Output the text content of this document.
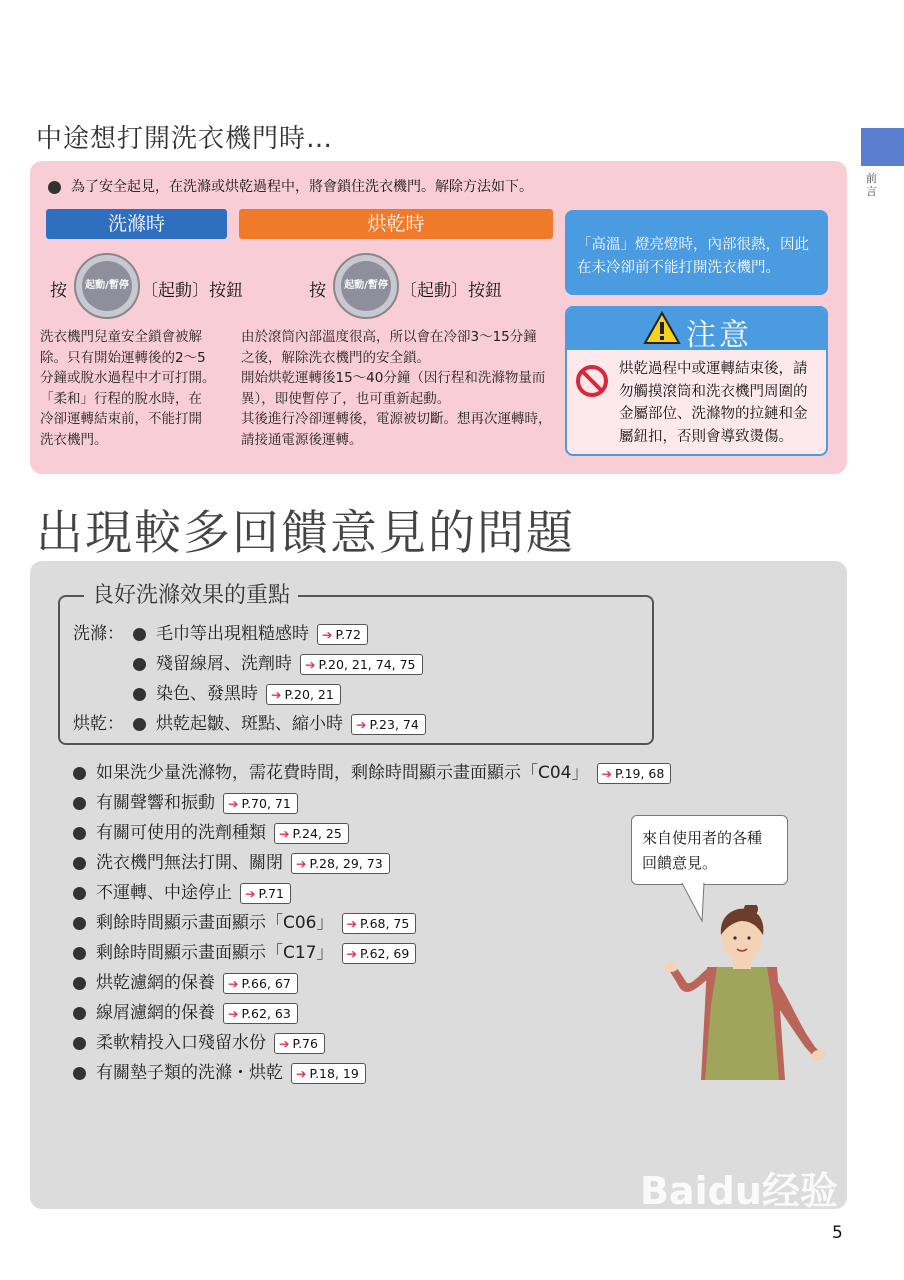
前言
中途想打開洗衣機門時…
為了安全起見，在洗滌或烘乾過程中，將會鎖住洗衣機門。解除方法如下。
洗滌時	烘乾時
按	起動/暫停 〔起動〕按鈕	按	起動/暫停 〔起動〕按鈕
洗衣機門兒童安全鎖會被解
除。只有開始運轉後的2～5
分鐘或脫水過程中才可打開。
「柔和」行程的脫水時，在
冷卻運轉結束前，不能打開
洗衣機門。
由於滾筒內部溫度很高，所以會在冷卻3～15分鐘
之後，解除洗衣機門的安全鎖。
開始烘乾運轉後15～40分鐘（因行程和洗滌物量而
異），即使暫停了，也可重新起動。
其後進行冷卻運轉後，電源被切斷。想再次運轉時，
請接通電源後運轉。
「高溫」燈亮燈時，內部很熱，因此
在未冷卻前不能打開洗衣機門。
注意
烘乾過程中或運轉結束後，請
勿觸摸滾筒和洗衣機門周圍的
金屬部位、洗滌物的拉鏈和金
屬鈕扣，否則會導致燙傷。
出現較多回饋意見的問題
良好洗滌效果的重點
洗滌：
烘乾：
毛巾等出現粗糙感時 ➔ P.72
殘留線屑、洗劑時 ➔ P.20, 21, 74, 75
染色、發黑時 ➔ P.20, 21
烘乾起皺、斑點、縮小時 ➔ P.23, 74
如果洗少量洗滌物，需花費時間，剩餘時間顯示畫面顯示「C04」 ➔ P.19, 68
有關聲響和振動 ➔ P.70, 71
有關可使用的洗劑種類 ➔ P.24, 25
洗衣機門無法打開、關閉 ➔ P.28, 29, 73
不運轉、中途停止 ➔ P.71
剩餘時間顯示畫面顯示「C06」 ➔ P.68, 75
剩餘時間顯示畫面顯示「C17」 ➔ P.62, 69
烘乾濾網的保養 ➔ P.66, 67
線屑濾網的保養 ➔ P.62, 63
柔軟精投入口殘留水份 ➔ P.76
有關墊子類的洗滌・烘乾 ➔ P.18, 19
來自使用者的各種
回饋意見。
Baidu经验
jingyan.baidu.com 5
